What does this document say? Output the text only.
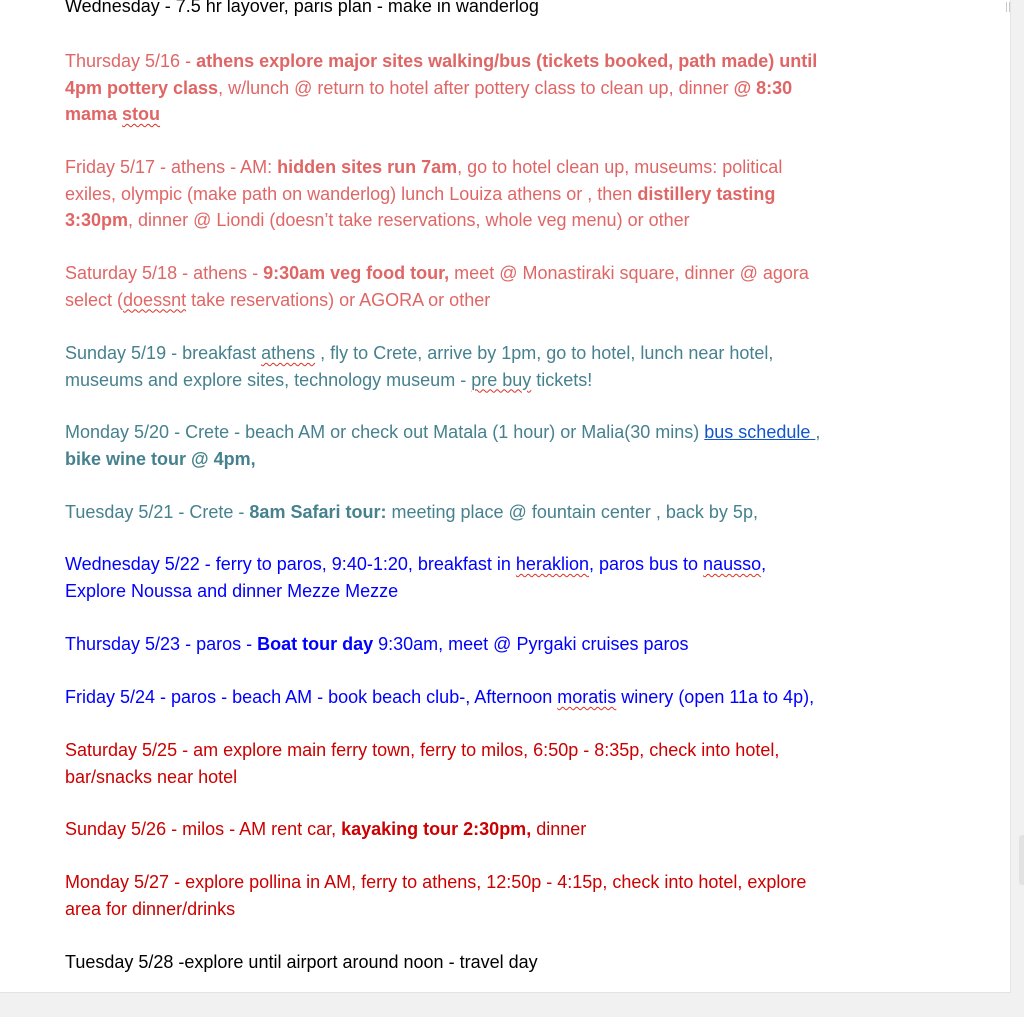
Wednesday - 7.5 hr layover, paris plan - make in wanderlog
Thursday 5/16 - athens explore major sites walking/bus (tickets booked, path made) until
4pm pottery class, w/lunch @ return to hotel after pottery class to clean up, dinner @ 8:30
mama stou
Friday 5/17 - athens - AM: hidden sites run 7am, go to hotel clean up, museums: political
exiles, olympic (make path on wanderlog) lunch Louiza athens or , then distillery tasting
3:30pm, dinner @ Liondi (doesn’t take reservations, whole veg menu) or other
Saturday 5/18 - athens - 9:30am veg food tour, meet @ Monastiraki square, dinner @ agora
select (doessnt take reservations) or AGORA or other
Sunday 5/19 - breakfast athens , fly to Crete, arrive by 1pm, go to hotel, lunch near hotel,
museums and explore sites, technology museum - pre buy tickets!
Monday 5/20 - Crete - beach AM or check out Matala (1 hour) or Malia(30 mins) bus schedule ,
bike wine tour @ 4pm,
Tuesday 5/21 - Crete - 8am Safari tour: meeting place @ fountain center , back by 5p,
Wednesday 5/22 - ferry to paros, 9:40-1:20, breakfast in heraklion, paros bus to nausso,
Explore Noussa and dinner Mezze Mezze
Thursday 5/23 - paros - Boat tour day 9:30am, meet @ Pyrgaki cruises paros
Friday 5/24 - paros - beach AM - book beach club-, Afternoon moratis winery (open 11a to 4p),
Saturday 5/25 - am explore main ferry town, ferry to milos, 6:50p - 8:35p, check into hotel,
bar/snacks near hotel
Sunday 5/26 - milos - AM rent car, kayaking tour 2:30pm, dinner
Monday 5/27 - explore pollina in AM, ferry to athens, 12:50p - 4:15p, check into hotel, explore
area for dinner/drinks
Tuesday 5/28 -explore until airport around noon - travel day
